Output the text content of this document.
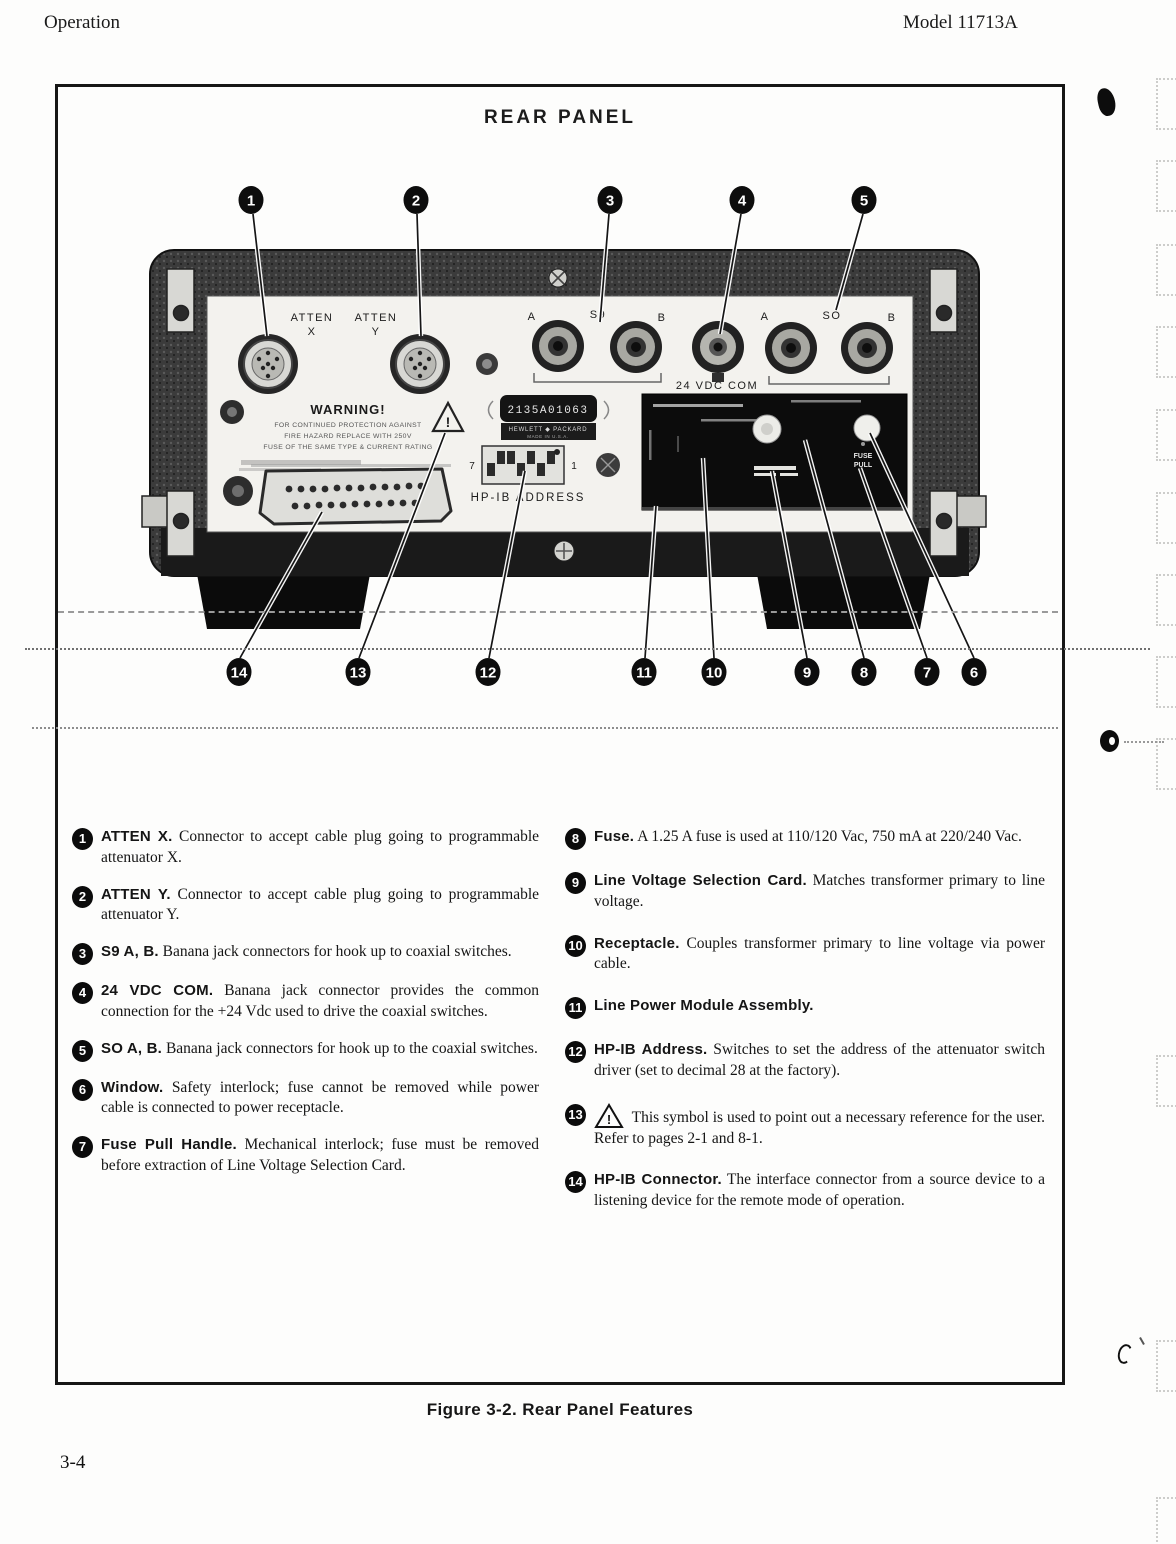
Operation	Model 11713A
REAR PANEL
ATTEN
X
ATTEN
Y
A	S9	B
24 VDC COM
A	SO	B
WARNING!
FOR CONTINUED PROTECTION AGAINST
FIRE HAZARD REPLACE WITH 250V
FUSE OF THE SAME TYPE & CURRENT RATING
!
2135A01063
HEWLETT ◆ PACKARD
MADE IN U.S.A.
7	1
HP-IB ADDRESS
FUSE
PULL
1	2	3	4	5
14	13	12	11	10	9	8	7	6
1 ATTEN X. Connector to accept cable plug going to programmable attenuator X.

2 ATTEN Y. Connector to accept cable plug going to programmable attenuator Y.

3 S9 A, B. Banana jack connectors for hook up to coaxial switches.

4 24 VDC COM. Banana jack connector provides the common connection for the +24 Vdc used to drive the coaxial switches.

5 SO A, B. Banana jack connectors for hook up to the coaxial switches.

6 Window. Safety interlock; fuse cannot be removed while power cable is connected to power receptacle.

7 Fuse Pull Handle. Mechanical interlock; fuse must be removed before extraction of Line Voltage Selection Card.

8 Fuse. A 1.25 A fuse is used at 110/120 Vac, 750 mA at 220/240 Vac.

9 Line Voltage Selection Card. Matches transformer primary to line voltage.

10 Receptacle. Couples transformer primary to line voltage via power cable.

11 Line Power Module Assembly.

12 HP-IB Address. Switches to set the address of the attenuator switch driver (set to decimal 28 at the factory).

13 ! This symbol is used to point out a necessary reference for the user. Refer to pages 2-1 and 8-1.

14 HP-IB Connector. The interface connector from a source device to a listening device for the remote mode of operation.

Figure 3-2. Rear Panel Features
3-4
